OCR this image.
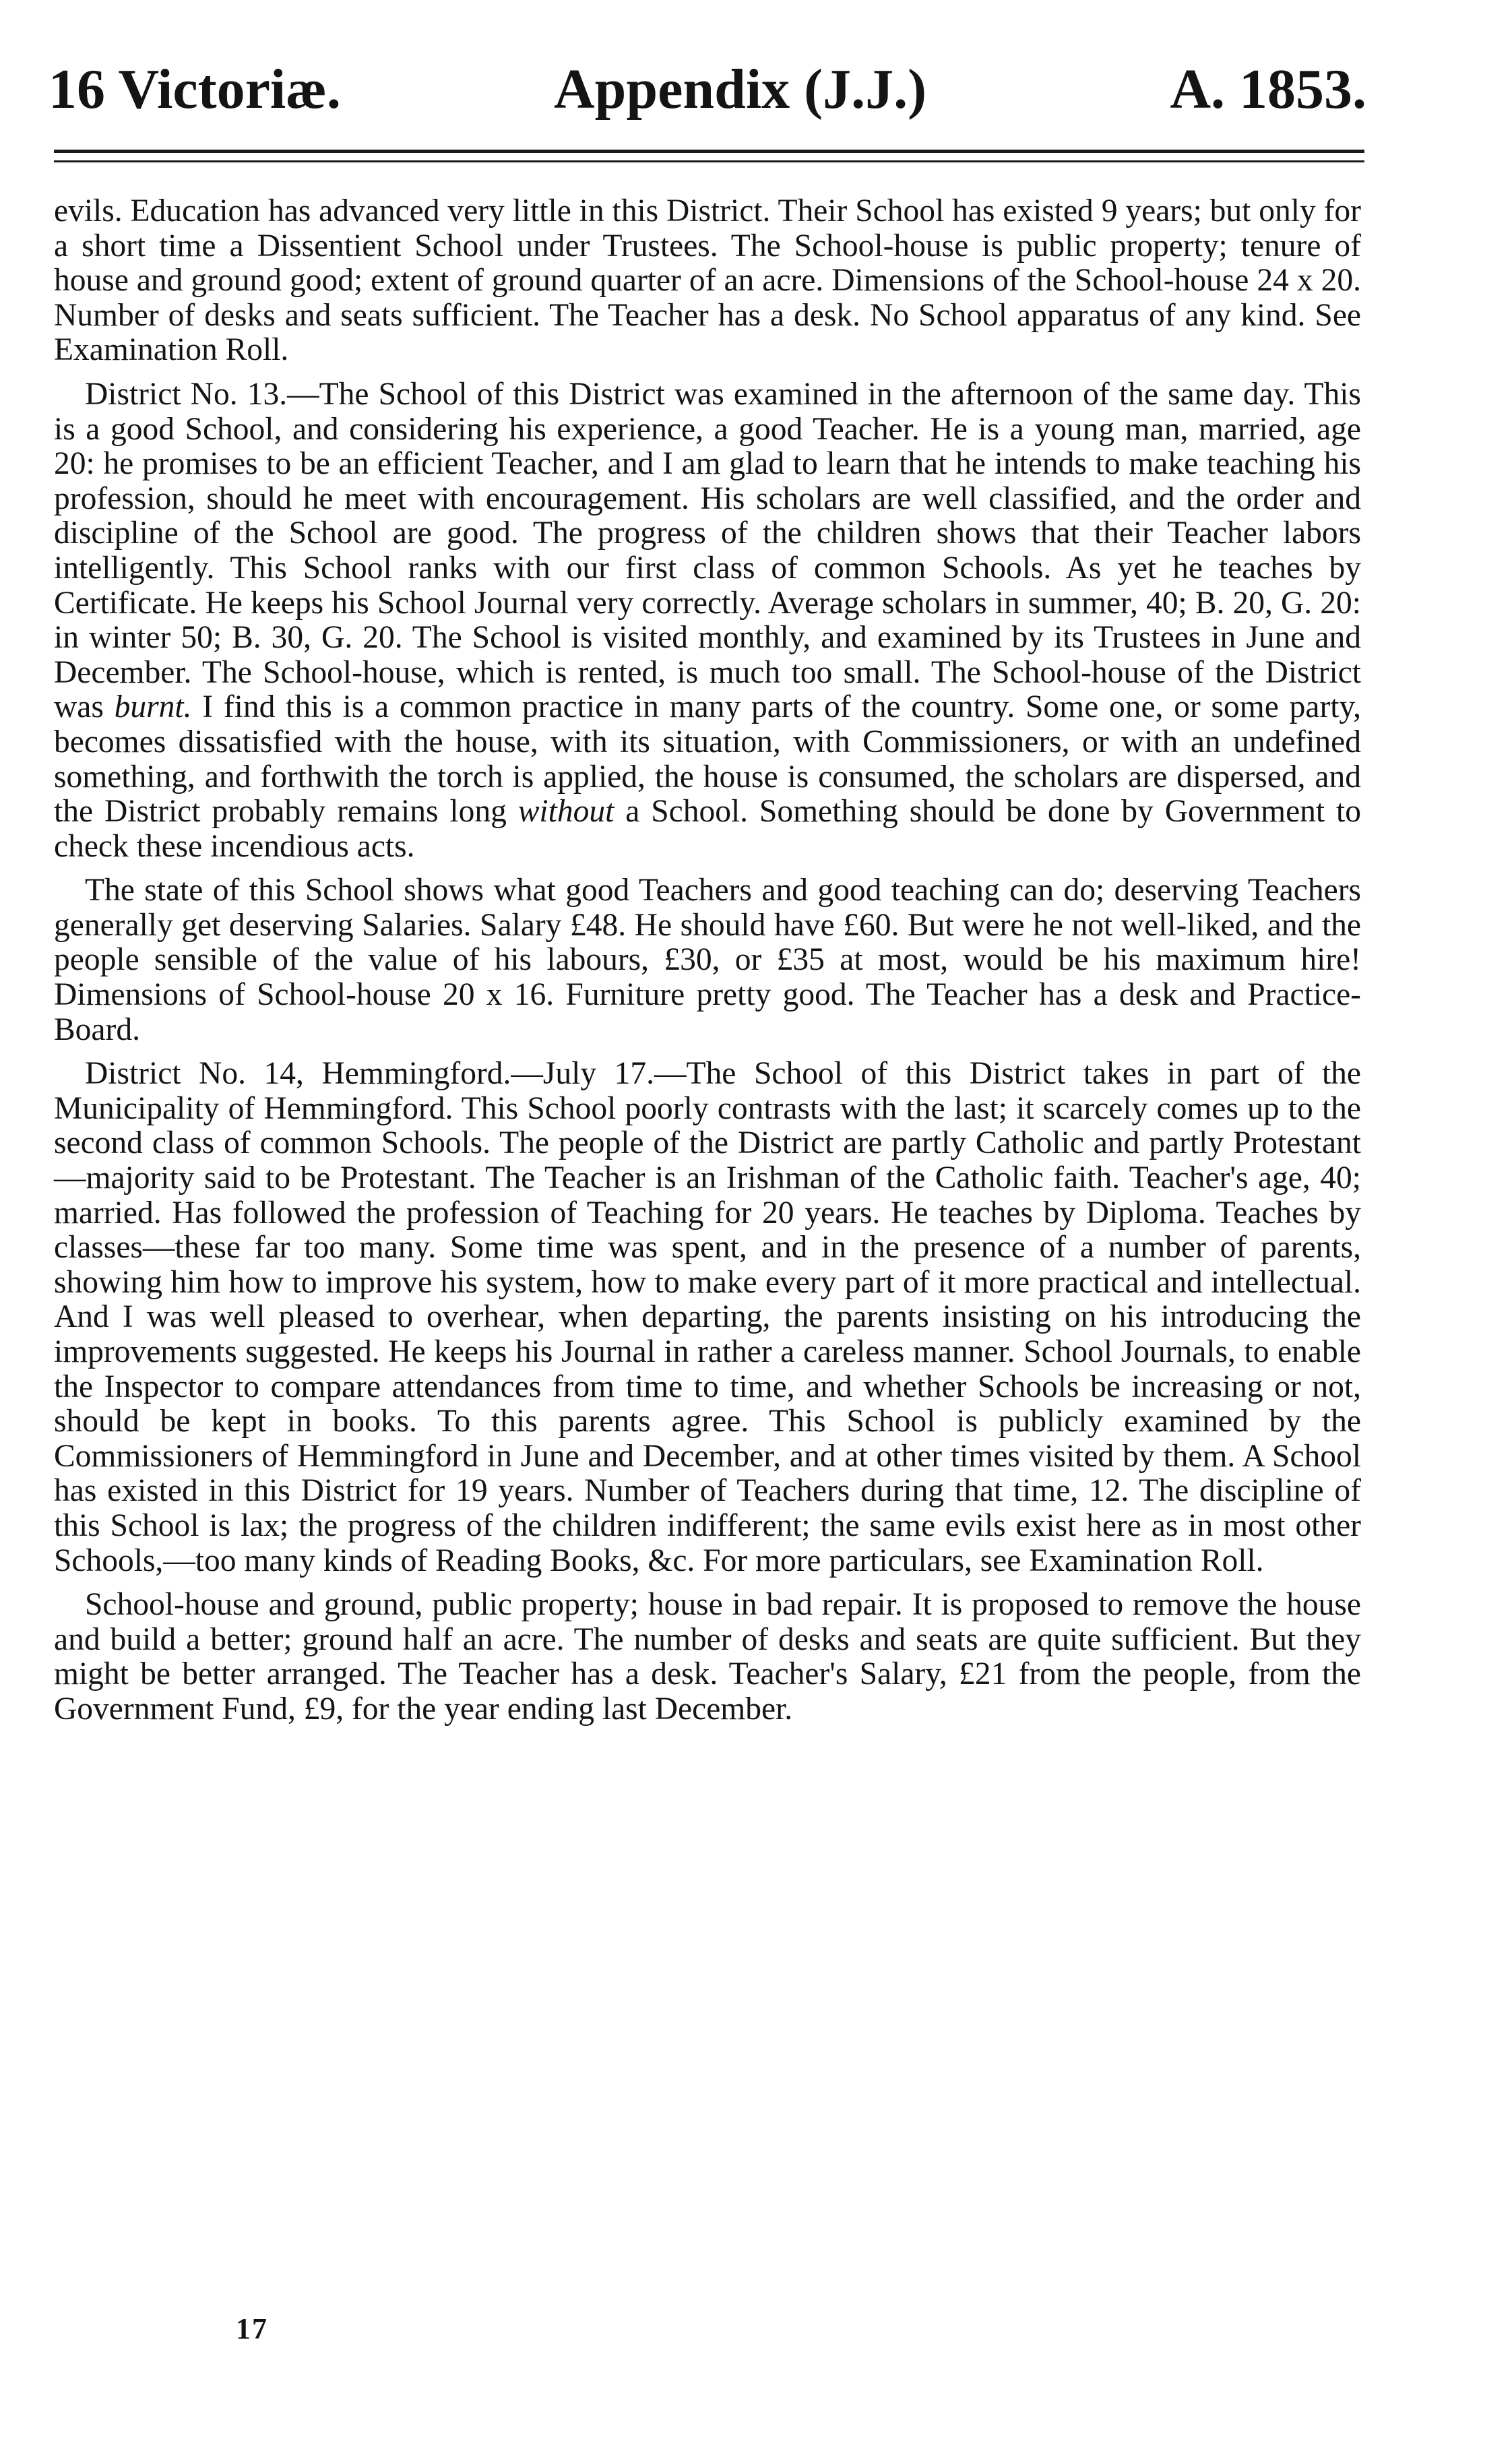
16 Victoriæ.	Appendix (J.J.)	A. 1853.

evils. Education has advanced very little in this District. Their School has existed 9 years; but only for a short time a Dissentient School under Trustees. The School-house is public property; tenure of house and ground good; extent of ground quarter of an acre. Dimensions of the School-house 24 x 20. Number of desks and seats sufficient. The Teacher has a desk. No School apparatus of any kind. See Examination Roll.

District No. 13.—The School of this District was examined in the afternoon of the same day. This is a good School, and considering his experience, a good Teacher. He is a young man, married, age 20: he promises to be an efficient Teacher, and I am glad to learn that he intends to make teaching his profession, should he meet with encouragement. His scholars are well classified, and the order and discipline of the School are good. The progress of the children shows that their Teacher labors intelligently. This School ranks with our first class of common Schools. As yet he teaches by Certificate. He keeps his School Journal very correctly. Average scholars in summer, 40; B. 20, G. 20: in winter 50; B. 30, G. 20. The School is visited monthly, and examined by its Trustees in June and December. The School-house, which is rented, is much too small. The School-house of the District was burnt. I find this is a common practice in many parts of the country. Some one, or some party, becomes dissatisfied with the house, with its situation, with Commissioners, or with an undefined something, and forthwith the torch is applied, the house is consumed, the scholars are dispersed, and the District probably remains long without a School. Something should be done by Government to check these incendious acts.

The state of this School shows what good Teachers and good teaching can do; deserving Teachers generally get deserving Salaries. Salary £48. He should have £60. But were he not well-liked, and the people sensible of the value of his labours, £30, or £35 at most, would be his maximum hire! Dimensions of School-house 20 x 16. Furniture pretty good. The Teacher has a desk and Practice-Board.

District No. 14, Hemmingford.—July 17.—The School of this District takes in part of the Municipality of Hemmingford. This School poorly contrasts with the last; it scarcely comes up to the second class of common Schools. The people of the District are partly Catholic and partly Protestant—majority said to be Protestant. The Teacher is an Irishman of the Catholic faith. Teacher's age, 40; married. Has followed the profession of Teaching for 20 years. He teaches by Diploma. Teaches by classes—these far too many. Some time was spent, and in the presence of a number of parents, showing him how to improve his system, how to make every part of it more practical and intellectual. And I was well pleased to overhear, when departing, the parents insisting on his introducing the improvements suggested. He keeps his Journal in rather a careless manner. School Journals, to enable the Inspector to compare attendances from time to time, and whether Schools be increasing or not, should be kept in books. To this parents agree. This School is publicly examined by the Commissioners of Hemmingford in June and December, and at other times visited by them. A School has existed in this District for 19 years. Number of Teachers during that time, 12. The discipline of this School is lax; the progress of the children indifferent; the same evils exist here as in most other Schools,—too many kinds of Reading Books, &c. For more particulars, see Examination Roll.

School-house and ground, public property; house in bad repair. It is proposed to remove the house and build a better; ground half an acre. The number of desks and seats are quite sufficient. But they might be better arranged. The Teacher has a desk. Teacher's Salary, £21 from the people, from the Government Fund, £9, for the year ending last December.

17
